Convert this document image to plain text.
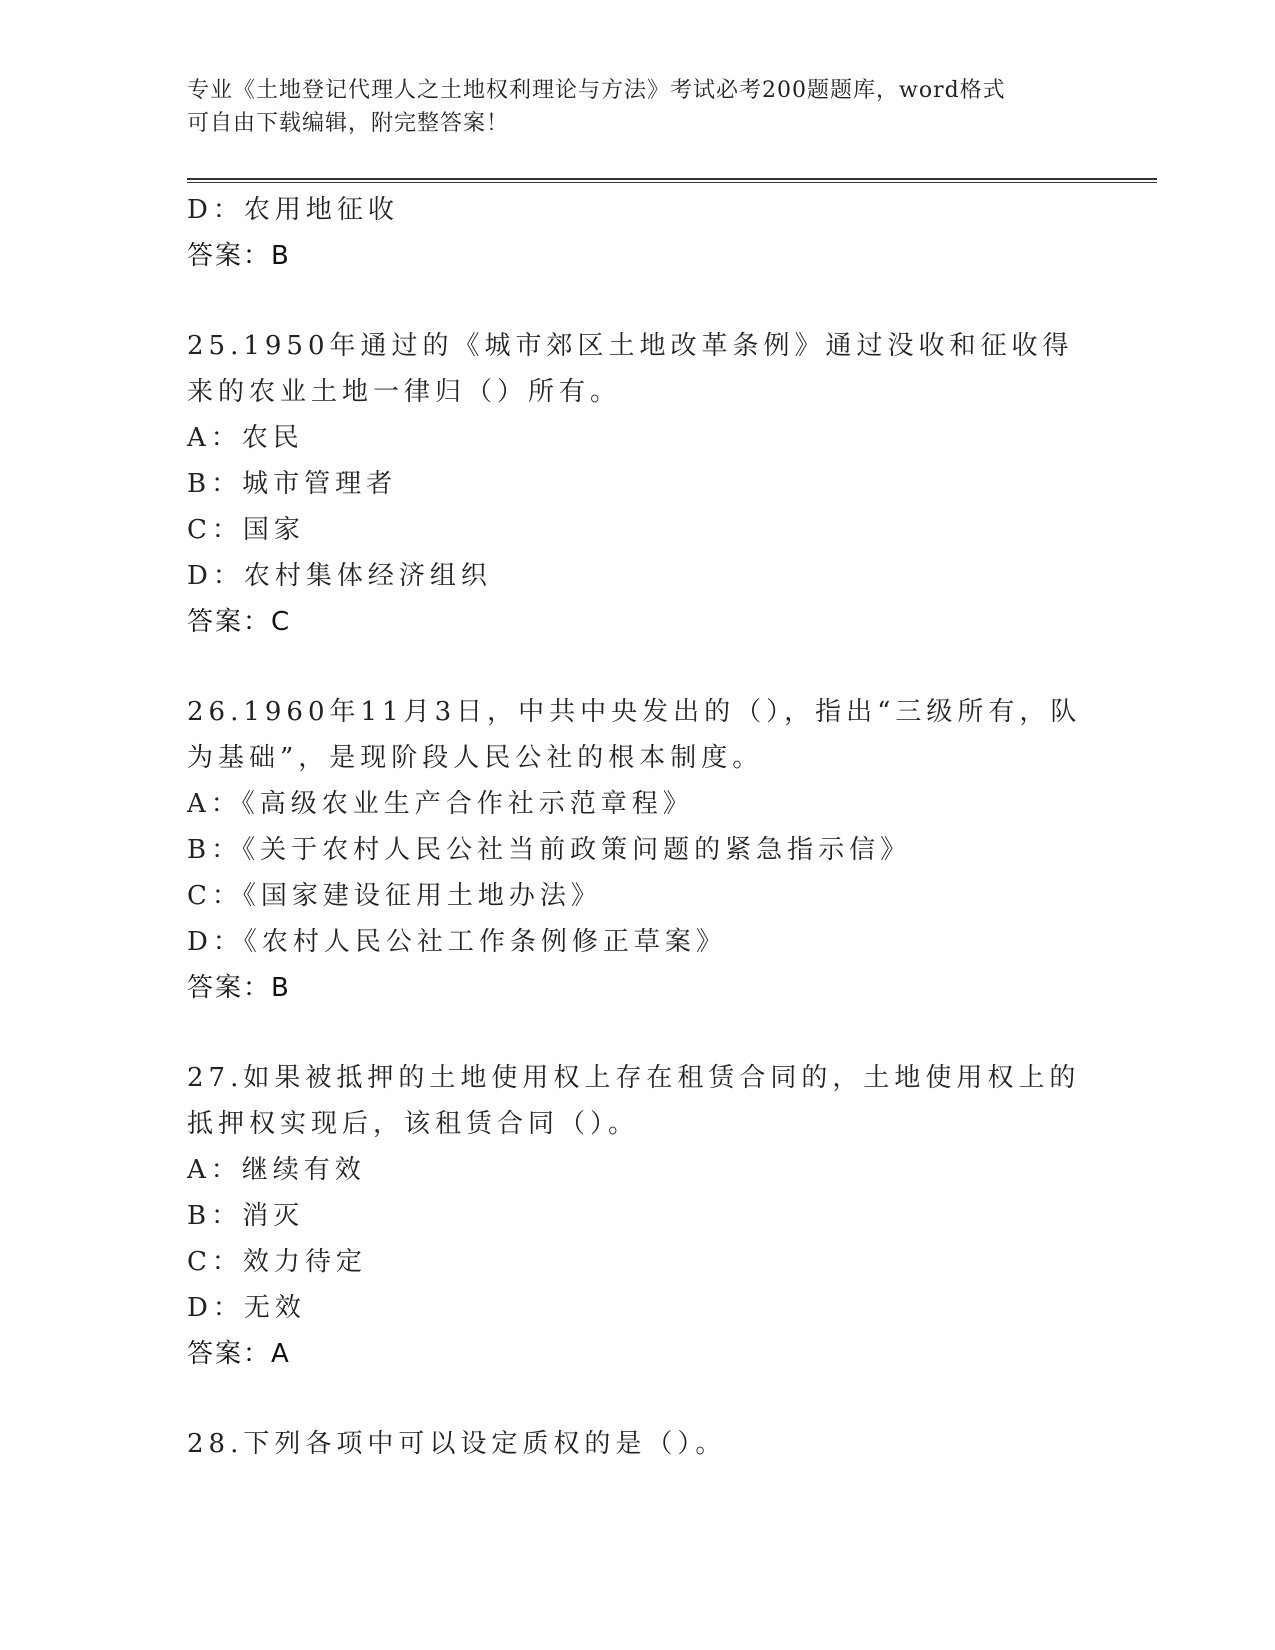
专业《土地登记代理人之土地权利理论与方法》考试必考200题题库，word格式
可自由下载编辑，附完整答案！
D：农用地征收
答案：B
25.1950年通过的《城市郊区土地改革条例》通过没收和征收得来的农业土地一律归（）所有。
A：农民
B：城市管理者
C：国家
D：农村集体经济组织
答案：C
26.1960年11月3日，中共中央发出的（），指出“三级所有，队为基础”，是现阶段人民公社的根本制度。
A：《高级农业生产合作社示范章程》
B：《关于农村人民公社当前政策问题的紧急指示信》
C：《国家建设征用土地办法》
D：《农村人民公社工作条例修正草案》
答案：B
27.如果被抵押的土地使用权上存在租赁合同的，土地使用权上的抵押权实现后，该租赁合同（）。
A：继续有效
B：消灭
C：效力待定
D：无效
答案：A
28.下列各项中可以设定质权的是（）。
